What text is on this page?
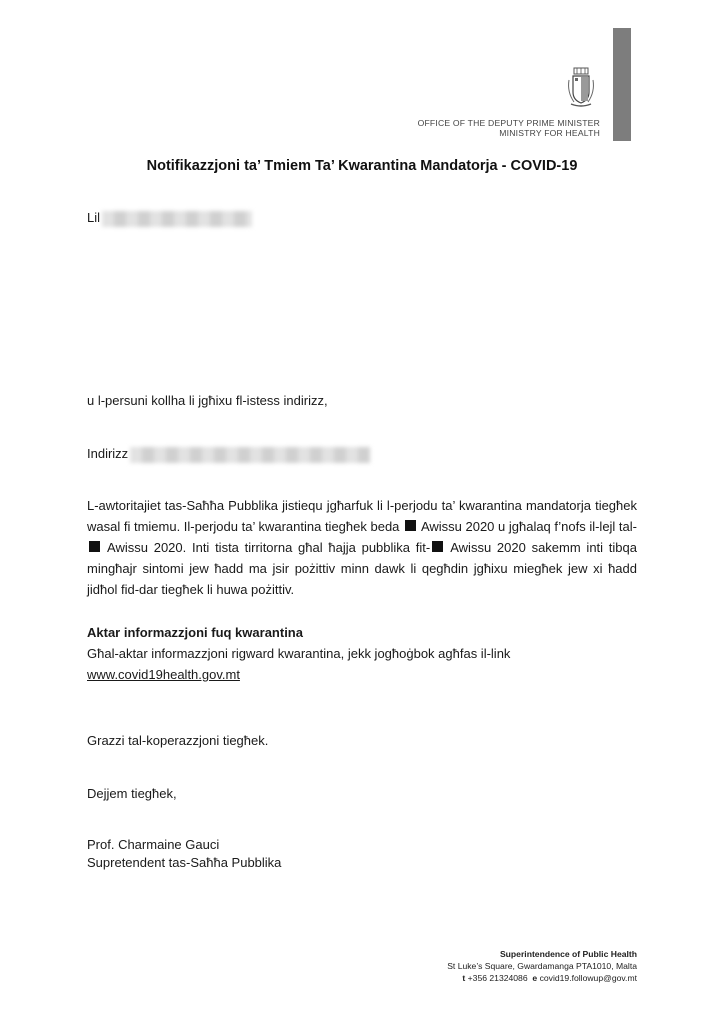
OFFICE OF THE DEPUTY PRIME MINISTER
MINISTRY FOR HEALTH
Notifikazzjoni ta’ Tmiem Ta’ Kwarantina Mandatorja - COVID-19
Lil
u l-persuni kollha li jgħixu fl-istess indirizz,
Indirizz
L-awtoritajiet tas-Saħħa Pubblika jistiequ jgħarfuk li l-perjodu ta’ kwarantina mandatorja tiegħek wasal fi tmiemu. Il-perjodu ta’ kwarantina tiegħek beda Awissu 2020 u jgħalaq f’nofs il-lejl tal- Awissu 2020. Inti tista tirritorna għal ħajja pubblika fit- Awissu 2020 sakemm inti tibqa mingħajr sintomi jew ħadd ma jsir pożittiv minn dawk li qegħdin jgħixu miegħek jew xi ħadd jidħol fid-dar tiegħek li huwa pożittiv.
Aktar informazzjoni fuq kwarantina
Għal-aktar informazzjoni rigward kwarantina, jekk jogħoġbok agħfas il-link
www.covid19health.gov.mt
Grazzi tal-koperazzjoni tiegħek.
Dejjem tiegħek,
Prof. Charmaine Gauci
Supretendent tas-Saħħa Pubblika
Superintendence of Public Health
St Luke’s Square, Gwardamanga PTA1010, Malta
t +356 21324086 e covid19.followup@gov.mt
